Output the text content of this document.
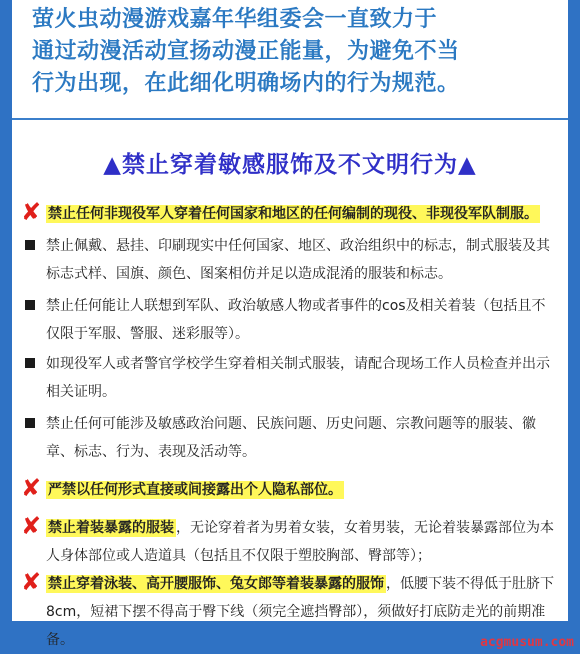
萤火虫动漫游戏嘉年华组委会一直致力于
通过动漫活动宣扬动漫正能量，为避免不当
行为出现，在此细化明确场内的行为规范。
▲禁止穿着敏感服饰及不文明行为▲
✘ 禁止任何非现役军人穿着任何国家和地区的任何编制的现役、非现役军队制服。
禁止佩戴、悬挂、印刷现实中任何国家、地区、政治组织中的标志，制式服装及其标志式样、国旗、颜色、图案相仿并足以造成混淆的服装和标志。
禁止任何能让人联想到军队、政治敏感人物或者事件的cos及相关着装（包括且不仅限于军服、警服、迷彩服等）。
如现役军人或者警官学校学生穿着相关制式服装，请配合现场工作人员检查并出示相关证明。
禁止任何可能涉及敏感政治问题、民族问题、历史问题、宗教问题等的服装、徽章、标志、行为、表现及活动等。
✘ 严禁以任何形式直接或间接露出个人隐私部位。
✘ 禁止着装暴露的服装 ，无论穿着者为男着女装，女着男装，无论着装暴露部位为本人身体部位或人造道具（包括且不仅限于塑胶胸部、臀部等）；
✘ 禁止穿着泳装、高开腰服饰、兔女郎等着装暴露的服饰 ，低腰下装不得低于肚脐下8cm，短裙下摆不得高于臀下线（须完全遮挡臀部），须做好打底防走光的前期准备。	acgmusum.com
